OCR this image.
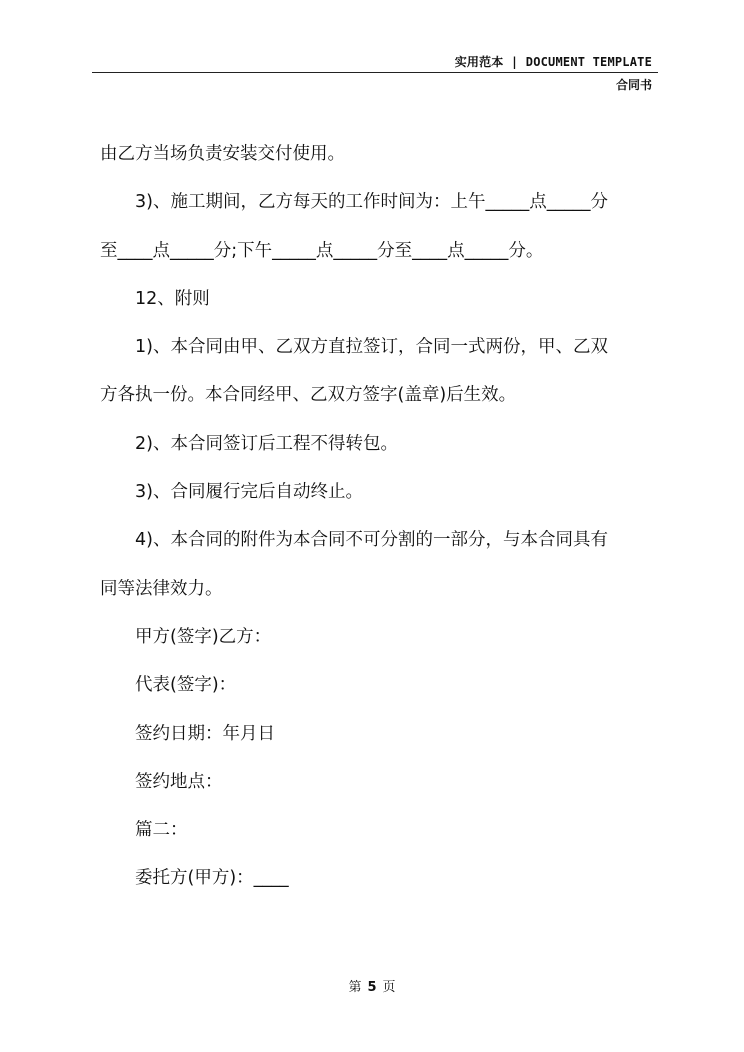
实用范本 | DOCUMENT TEMPLATE
合同书

由乙方当场负责安装交付使用。

3)、施工期间，乙方每天的工作时间为：上午_____点_____分

至____点_____分;下午_____点_____分至____点_____分。

12、附则

1)、本合同由甲、乙双方直拉签订，合同一式两份，甲、乙双

方各执一份。本合同经甲、乙双方签字(盖章)后生效。

2)、本合同签订后工程不得转包。

3)、合同履行完后自动终止。

4)、本合同的附件为本合同不可分割的一部分，与本合同具有

同等法律效力。

甲方(签字)乙方：

代表(签字)：

签约日期：年月日

签约地点：

篇二：

委托方(甲方)：____

第 5 页
